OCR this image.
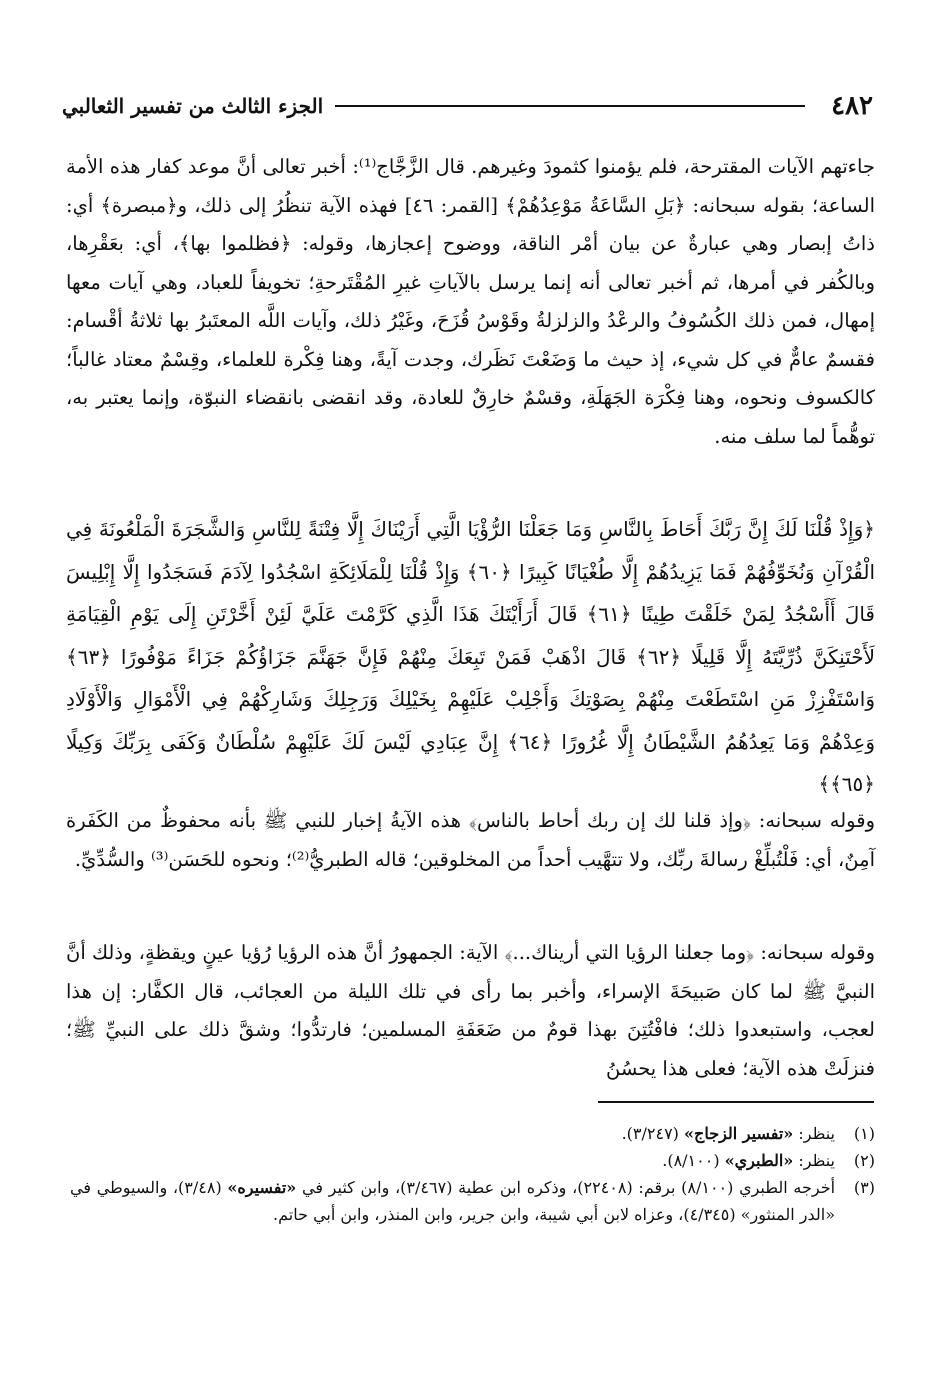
٤٨٢
الجزء الثالث من تفسير الثعالبي
جاءتهم الآيات المقترحة، فلم يؤمنوا كثمودَ وغيرهم. قال الزَّجَّاج⁽¹⁾: أخبر تعالى أنَّ موعد كفار هذه الأمة الساعة؛ بقوله سبحانه: ﴿بَلِ السَّاعَةُ مَوْعِدُهُمْ﴾ [القمر: ٤٦] فهذه الآية تنظُرُ إلى ذلك، و﴿مبصرة﴾ أي: ذاتُ إبصار وهي عبارةٌ عن بيان أمْر الناقة، ووضوح إعجازها، وقوله: ﴿فظلموا بها﴾، أي: بعَقْرِها، وبالكُفر في أمرها، ثم أخبر تعالى أنه إنما يرسل بالآياتِ غيرِ المُقْتَرحةِ؛ تخويفاً للعباد، وهي آيات معها إمهال، فمن ذلك الكُسُوفُ والرعْدُ والزلزلةُ وقَوْسُ قُزَحَ، وغَيْرُ ذلك، وآيات اللَّه المعتَبرُ بها ثلاثةُ أقْسام: فقسمٌ عامٌّ في كل شيء، إذ حيث ما وَضَعْتَ نَظَرك، وجدت آيةً، وهنا فِكْرة للعلماء، وقِسْمٌ معتاد غالباً؛ كالكسوف ونحوه، وهنا فِكْرَة الجَهَلَةِ، وقسْمٌ خارِقٌ للعادة، وقد انقضى بانقضاء النبوّة، وإنما يعتبر به، توهُّماً لما سلف منه.
﴿وَإِذْ قُلْنَا لَكَ إِنَّ رَبَّكَ أَحَاطَ بِالنَّاسِ وَمَا جَعَلْنَا الرُّؤْيَا الَّتِي أَرَيْنَاكَ إِلَّا فِتْنَةً لِلنَّاسِ وَالشَّجَرَةَ الْمَلْعُونَةَ فِي الْقُرْآنِ وَنُخَوِّفُهُمْ فَمَا يَزِيدُهُمْ إِلَّا طُغْيَانًا كَبِيرًا ﴿٦٠﴾ وَإِذْ قُلْنَا لِلْمَلَائِكَةِ اسْجُدُوا لِآدَمَ فَسَجَدُوا إِلَّا إِبْلِيسَ قَالَ أَأَسْجُدُ لِمَنْ خَلَقْتَ طِينًا ﴿٦١﴾ قَالَ أَرَأَيْتَكَ هَذَا الَّذِي كَرَّمْتَ عَلَيَّ لَئِنْ أَخَّرْتَنِ إِلَى يَوْمِ الْقِيَامَةِ لَأَحْتَنِكَنَّ ذُرِّيَّتَهُ إِلَّا قَلِيلًا ﴿٦٢﴾ قَالَ اذْهَبْ فَمَنْ تَبِعَكَ مِنْهُمْ فَإِنَّ جَهَنَّمَ جَزَاؤُكُمْ جَزَاءً مَوْفُورًا ﴿٦٣﴾ وَاسْتَفْزِزْ مَنِ اسْتَطَعْتَ مِنْهُمْ بِصَوْتِكَ وَأَجْلِبْ عَلَيْهِمْ بِخَيْلِكَ وَرَجِلِكَ وَشَارِكْهُمْ فِي الْأَمْوَالِ وَالْأَوْلَادِ وَعِدْهُمْ وَمَا يَعِدُهُمُ الشَّيْطَانُ إِلَّا غُرُورًا ﴿٦٤﴾ إِنَّ عِبَادِي لَيْسَ لَكَ عَلَيْهِمْ سُلْطَانٌ وَكَفَى بِرَبِّكَ وَكِيلًا ﴿٦٥﴾﴾
وقوله سبحانه: ﴿وإذ قلنا لك إن ربك أحاط بالناس﴾ هذه الآيةُ إخبار للنبي ﷺ بأنه محفوظٌ من الكَفَرة آمِنٌ، أي: فَلْتُبلِّغْ رسالةَ ربِّك، ولا تتهَّيب أحداً من المخلوقين؛ قاله الطبريُّ⁽²⁾؛ ونحوه للحَسَن⁽³⁾ والسُّدِّيِّ.
وقوله سبحانه: ﴿وما جعلنا الرؤيا التي أريناك...﴾ الآية: الجمهورُ أنَّ هذه الرؤيا رُؤيا عينٍ ويقظةٍ، وذلك أنَّ النبيَّ ﷺ لما كان صَبيحَةَ الإسراء، وأخبر بما رأى في تلك الليلة من العجائب، قال الكفَّار: إن هذا لعجب، واستبعدوا ذلك؛ فافْتُتِنَ بهذا قومٌ من ضَعَفَةِ المسلمين؛ فارتدُّوا؛ وشقَّ ذلك على النبيِّ ﷺ؛ فنزلَتْ هذه الآية؛ فعلى هذا يحسُنُ
(١)
ينظر: «تفسير الزجاج» (٣/٢٤٧).
(٢)
ينظر: «الطبري» (٨/١٠٠).
(٣)
أخرجه الطبري (٨/١٠٠) برقم: (٢٢٤٠٨)، وذكره ابن عطية (٣/٤٦٧)، وابن كثير في «تفسيره» (٣/٤٨)، والسيوطي في «الدر المنثور» (٤/٣٤٥)، وعزاه لابن أبي شيبة، وابن جرير، وابن المنذر، وابن أبي حاتم.
